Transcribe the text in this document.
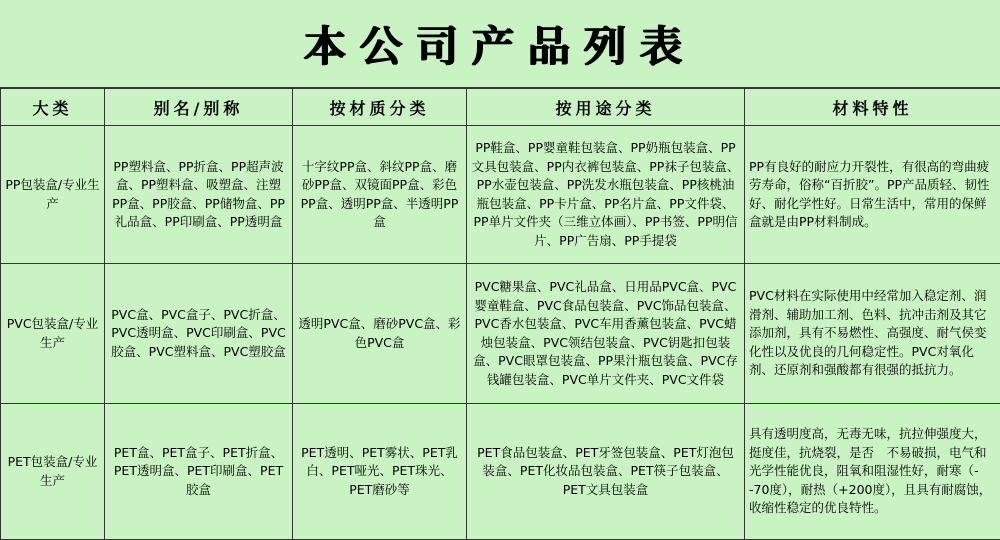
本公司产品列表
大类	别名/别称	按材质分类	按用途分类	材料特性
PP包装盒/专业生产	PP塑料盒、PP折盒、PP超声波盒、PP塑料盒、吸塑盒、注塑PP盒、PP胶盒、PP储物盒、PP礼品盒、PP印刷盒、PP透明盒	十字纹PP盒、斜纹PP盒、磨砂PP盒、双镜面PP盒、彩色PP盒、透明PP盒、半透明PP盒	PP鞋盒、PP婴童鞋包装盒、PP奶瓶包装盒、PP文具包装盒、PP内衣裤包装盒、PP袜子包装盒、PP水壶包装盒、PP洗发水瓶包装盒、PP核桃油瓶包装盒、PP卡片盒、PP名片盒、PP文件袋、PP单片文件夹（三维立体画）、PP书签、PP明信片、PP广告扇、PP手提袋	PP有良好的耐应力开裂性，有很高的弯曲疲劳寿命，俗称“百折胶”。PP产品质轻、韧性好、耐化学性好。日常生活中，常用的保鲜盒就是由PP材料制成。
PVC包装盒/专业生产	PVC盒、PVC盒子、PVC折盒、PVC透明盒、PVC印刷盒、PVC胶盒、PVC塑料盒、PVC塑胶盒	透明PVC盒、磨砂PVC盒、彩色PVC盒	PVC糖果盒、PVC礼品盒、日用品PVC盒、PVC婴童鞋盒、PVC食品包装盒、PVC饰品包装盒、PVC香水包装盒、PVC车用香薰包装盒、PVC蜡烛包装盒、PVC领结包装盒、PVC钥匙扣包装盒、PVC眼罩包装盒、PP果汁瓶包装盒、PVC存钱罐包装盒、PVC单片文件夹、PVC文件袋	PVC材料在实际使用中经常加入稳定剂、润滑剂、辅助加工剂、色料、抗冲击剂及其它添加剂，具有不易燃性、高强度、耐气侯变化性以及优良的几何稳定性。PVC对氧化剂、还原剂和强酸都有很强的抵抗力。
PET包装盒/专业生产	PET盒、PET盒子、PET折盒、PET透明盒、PET印刷盒、PET胶盒	PET透明、PET雾状、PET乳白、PET哑光、PET珠光、PET磨砂等	PET食品包装盒、PET牙签包装盒、PET灯泡包装盒、PET化妆品包装盒、PET筷子包装盒、PET文具包装盒	具有透明度高，无毒无味，抗拉伸强度大，挺度佳，抗烧裂，是否　不易破损，电气和光学性能优良，阻氧和阻湿性好，耐寒（--70度），耐热（+200度），且具有耐腐蚀，收缩性稳定的优良特性。
